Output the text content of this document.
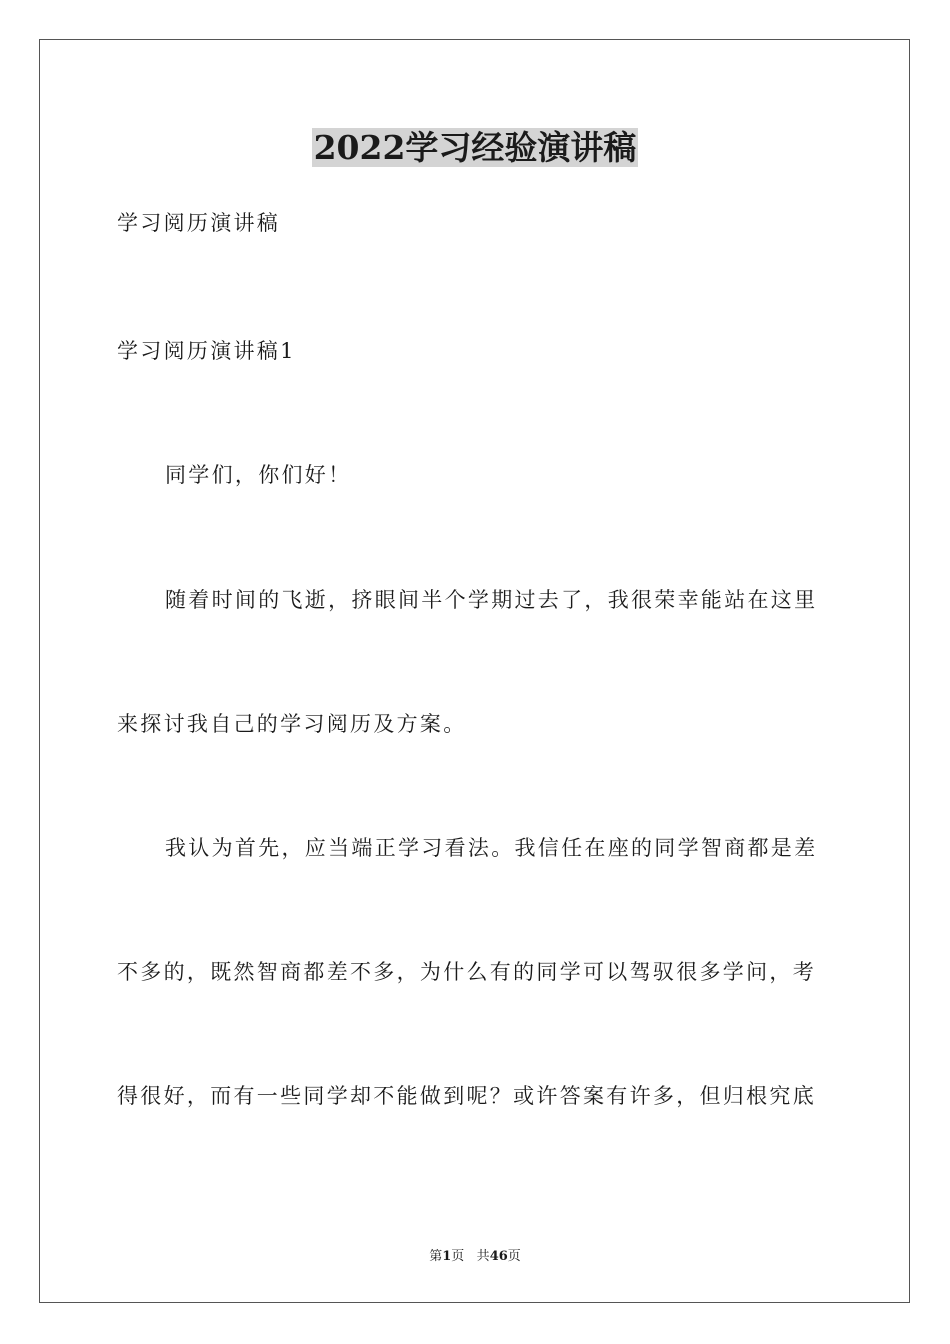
2022学习经验演讲稿
学习阅历演讲稿
学习阅历演讲稿1
同学们，你们好！
随着时间的飞逝，挤眼间半个学期过去了，我很荣幸能站在这里
来探讨我自己的学习阅历及方案。
我认为首先，应当端正学习看法。我信任在座的同学智商都是差
不多的，既然智商都差不多，为什么有的同学可以驾驭很多学问，考
得很好，而有一些同学却不能做到呢？或许答案有许多，但归根究底
第1页 共46页
